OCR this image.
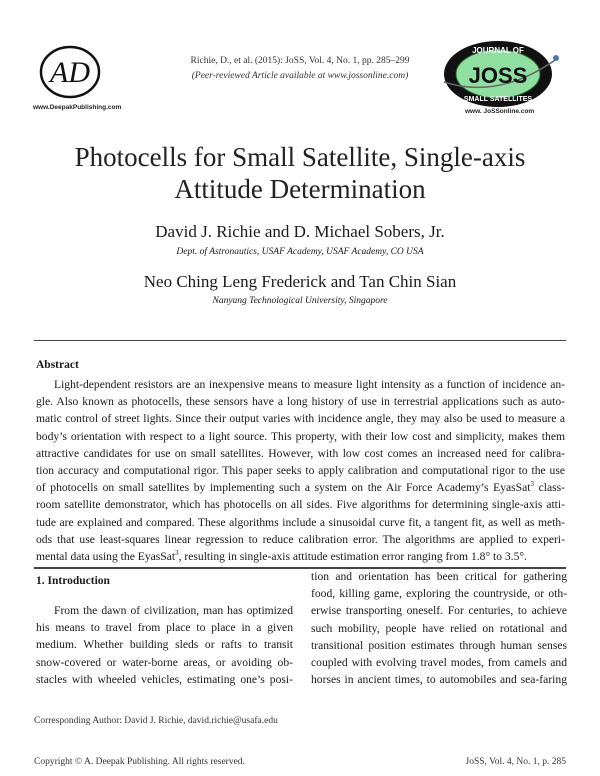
AD
www.DeepakPublishing.com
Richie, D., et al. (2015): JoSS, Vol. 4, No. 1, pp. 285–299
(Peer-reviewed Article available at www.jossonline.com)
JOURNAL OF
JOSS
SMALL SATELLITES
www. JoSSonline.com
Photocells for Small Satellite, Single-axis
Attitude Determination
David J. Richie and D. Michael Sobers, Jr.
Dept. of Astronautics, USAF Academy, USAF Academy, CO USA
Neo Ching Leng Frederick and Tan Chin Sian
Nanyang Technological University, Singapore
Abstract
Light-dependent resistors are an inexpensive means to measure light intensity as a function of incidence an-
gle. Also known as photocells, these sensors have a long history of use in terrestrial applications such as auto-
matic control of street lights. Since their output varies with incidence angle, they may also be used to measure a
body’s orientation with respect to a light source. This property, with their low cost and simplicity, makes them
attractive candidates for use on small satellites. However, with low cost comes an increased need for calibra-
tion accuracy and computational rigor. This paper seeks to apply calibration and computational rigor to the use
of photocells on small satellites by implementing such a system on the Air Force Academy’s EyasSat$^3$ class-
room satellite demonstrator, which has photocells on all sides. Five algorithms for determining single-axis atti-
tude are explained and compared. These algorithms include a sinusoidal curve fit, a tangent fit, as well as meth-
ods that use least-squares linear regression to reduce calibration error. The algorithms are applied to experi-
mental data using the EyasSat$^3$, resulting in single-axis attitude estimation error ranging from 1.8° to 3.5°.
1. Introduction
From the dawn of civilization, man has optimized
his means to travel from place to place in a given
medium. Whether building sleds or rafts to transit
snow-covered or water-borne areas, or avoiding ob-
stacles with wheeled vehicles, estimating one’s posi-
tion and orientation has been critical for gathering
food, killing game, exploring the countryside, or oth-
erwise transporting oneself. For centuries, to achieve
such mobility, people have relied on rotational and
transitional position estimates through human senses
coupled with evolving travel modes, from camels and
horses in ancient times, to automobiles and sea-faring
Corresponding Author: David J. Richie, david.richie@usafa.edu
Copyright © A. Deepak Publishing. All rights reserved.	JoSS, Vol. 4, No. 1, p. 285
